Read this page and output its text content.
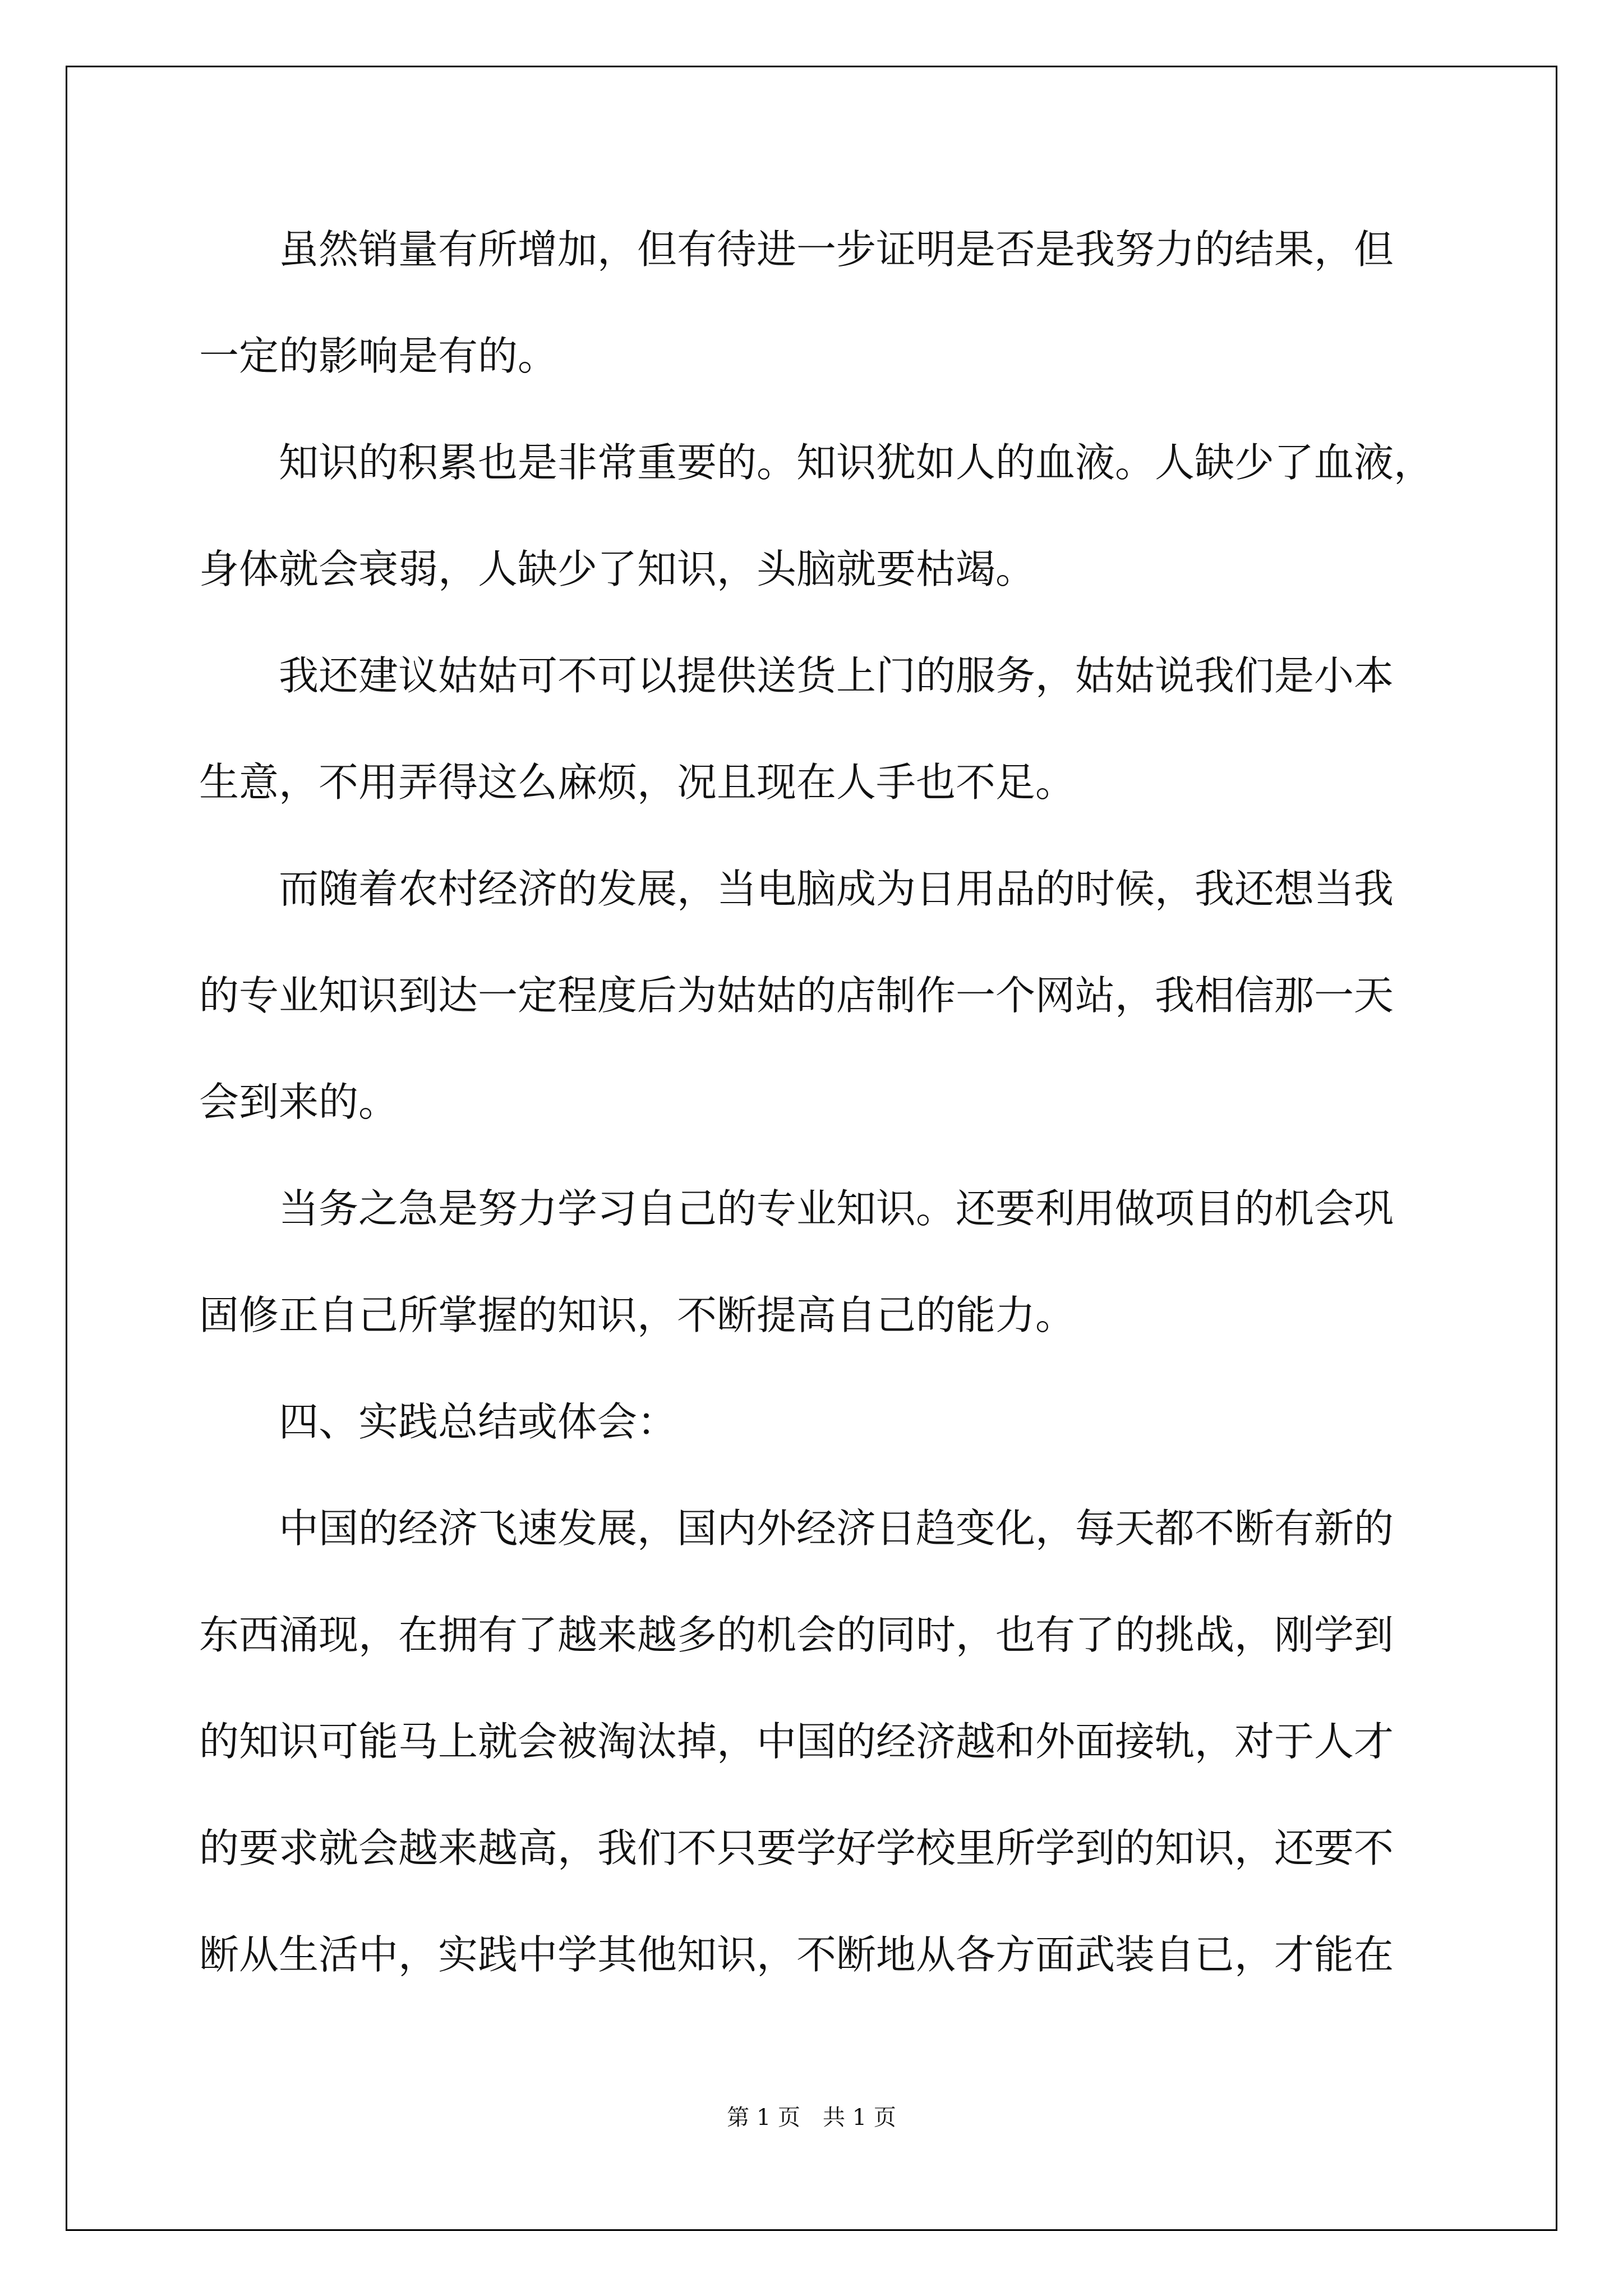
　　虽然销量有所增加，但有待进一步证明是否是我努力的结果，但
一定的影响是有的。
　　知识的积累也是非常重要的。知识犹如人的血液。人缺少了血液，
身体就会衰弱，人缺少了知识，头脑就要枯竭。
　　我还建议姑姑可不可以提供送货上门的服务，姑姑说我们是小本
生意，不用弄得这么麻烦，况且现在人手也不足。
　　而随着农村经济的发展，当电脑成为日用品的时候，我还想当我
的专业知识到达一定程度后为姑姑的店制作一个网站，我相信那一天
会到来的。
　　当务之急是努力学习自己的专业知识。还要利用做项目的机会巩
固修正自己所掌握的知识，不断提高自己的能力。
　　四、实践总结或体会：
　　中国的经济飞速发展，国内外经济日趋变化，每天都不断有新的
东西涌现，在拥有了越来越多的机会的同时，也有了的挑战，刚学到
的知识可能马上就会被淘汰掉，中国的经济越和外面接轨，对于人才
的要求就会越来越高，我们不只要学好学校里所学到的知识，还要不
断从生活中，实践中学其他知识，不断地从各方面武装自已，才能在
第 1 页　共 1 页
